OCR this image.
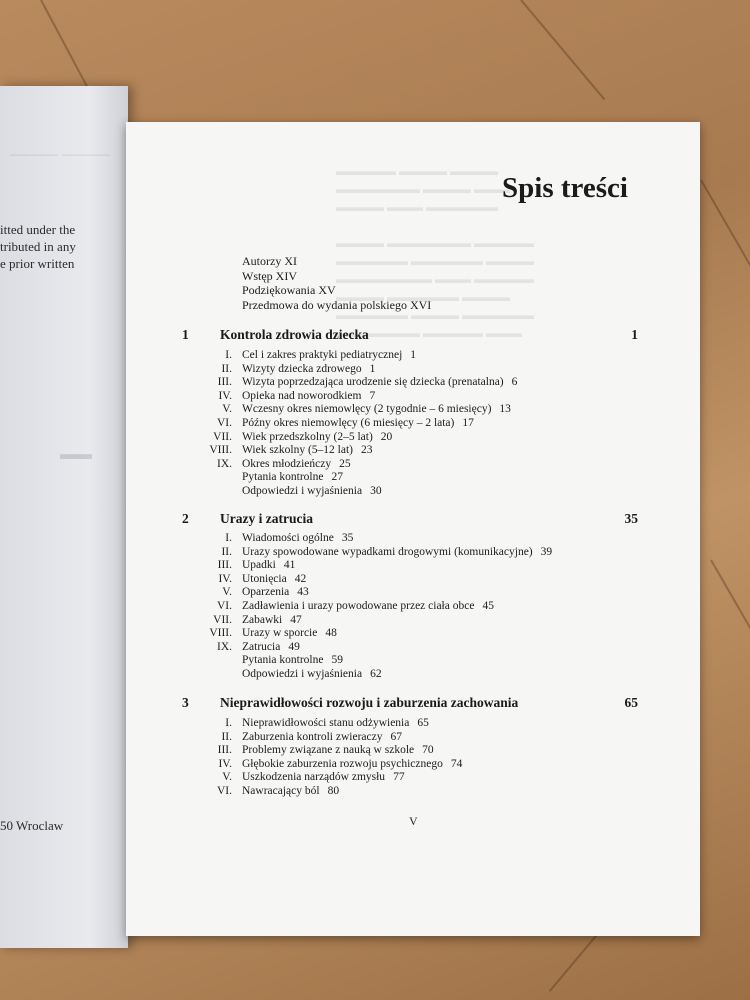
——— ———
▬▬
itted under the
tributed in any
e prior written
50 Wroclaw
▬▬▬▬▬ ▬▬▬▬ ▬▬▬▬
▬▬▬▬▬▬▬ ▬▬▬▬ ▬▬▬
▬▬▬▬ ▬▬▬ ▬▬▬▬▬▬

▬▬▬▬ ▬▬▬▬▬▬▬ ▬▬▬▬▬
▬▬▬▬▬▬ ▬▬▬▬▬▬ ▬▬▬▬
▬▬▬▬▬▬▬▬ ▬▬▬ ▬▬▬▬▬
▬▬▬▬ ▬▬▬▬▬▬ ▬▬▬▬
▬▬▬▬▬▬ ▬▬▬▬ ▬▬▬▬▬▬
▬▬▬▬▬▬▬ ▬▬▬▬▬ ▬▬▬
Spis treści
Autorzy XI
Wstęp XIV
Podziękowania XV
Przedmowa do wydania polskiego XVI
1 Kontrola zdrowia dziecka	1
I. Cel i zakres praktyki pediatrycznej 1
II. Wizyty dziecka zdrowego 1
III. Wizyta poprzedzająca urodzenie się dziecka (prenatalna) 6
IV. Opieka nad noworodkiem 7
V. Wczesny okres niemowlęcy (2 tygodnie – 6 miesięcy) 13
VI. Późny okres niemowlęcy (6 miesięcy – 2 lata) 17
VII. Wiek przedszkolny (2–5 lat) 20
VIII. Wiek szkolny (5–12 lat) 23
IX. Okres młodzieńczy 25
Pytania kontrolne 27
Odpowiedzi i wyjaśnienia 30
2 Urazy i zatrucia	35
I. Wiadomości ogólne 35
II. Urazy spowodowane wypadkami drogowymi (komunikacyjne) 39
III. Upadki 41
IV. Utonięcia 42
V. Oparzenia 43
VI. Zadławienia i urazy powodowane przez ciała obce 45
VII. Zabawki 47
VIII. Urazy w sporcie 48
IX. Zatrucia 49
Pytania kontrolne 59
Odpowiedzi i wyjaśnienia 62
3 Nieprawidłowości rozwoju i zaburzenia zachowania	65
I. Nieprawidłowości stanu odżywienia 65
II. Zaburzenia kontroli zwieraczy 67
III. Problemy związane z nauką w szkole 70
IV. Głębokie zaburzenia rozwoju psychicznego 74
V. Uszkodzenia narządów zmysłu 77
VI. Nawracający ból 80
V
